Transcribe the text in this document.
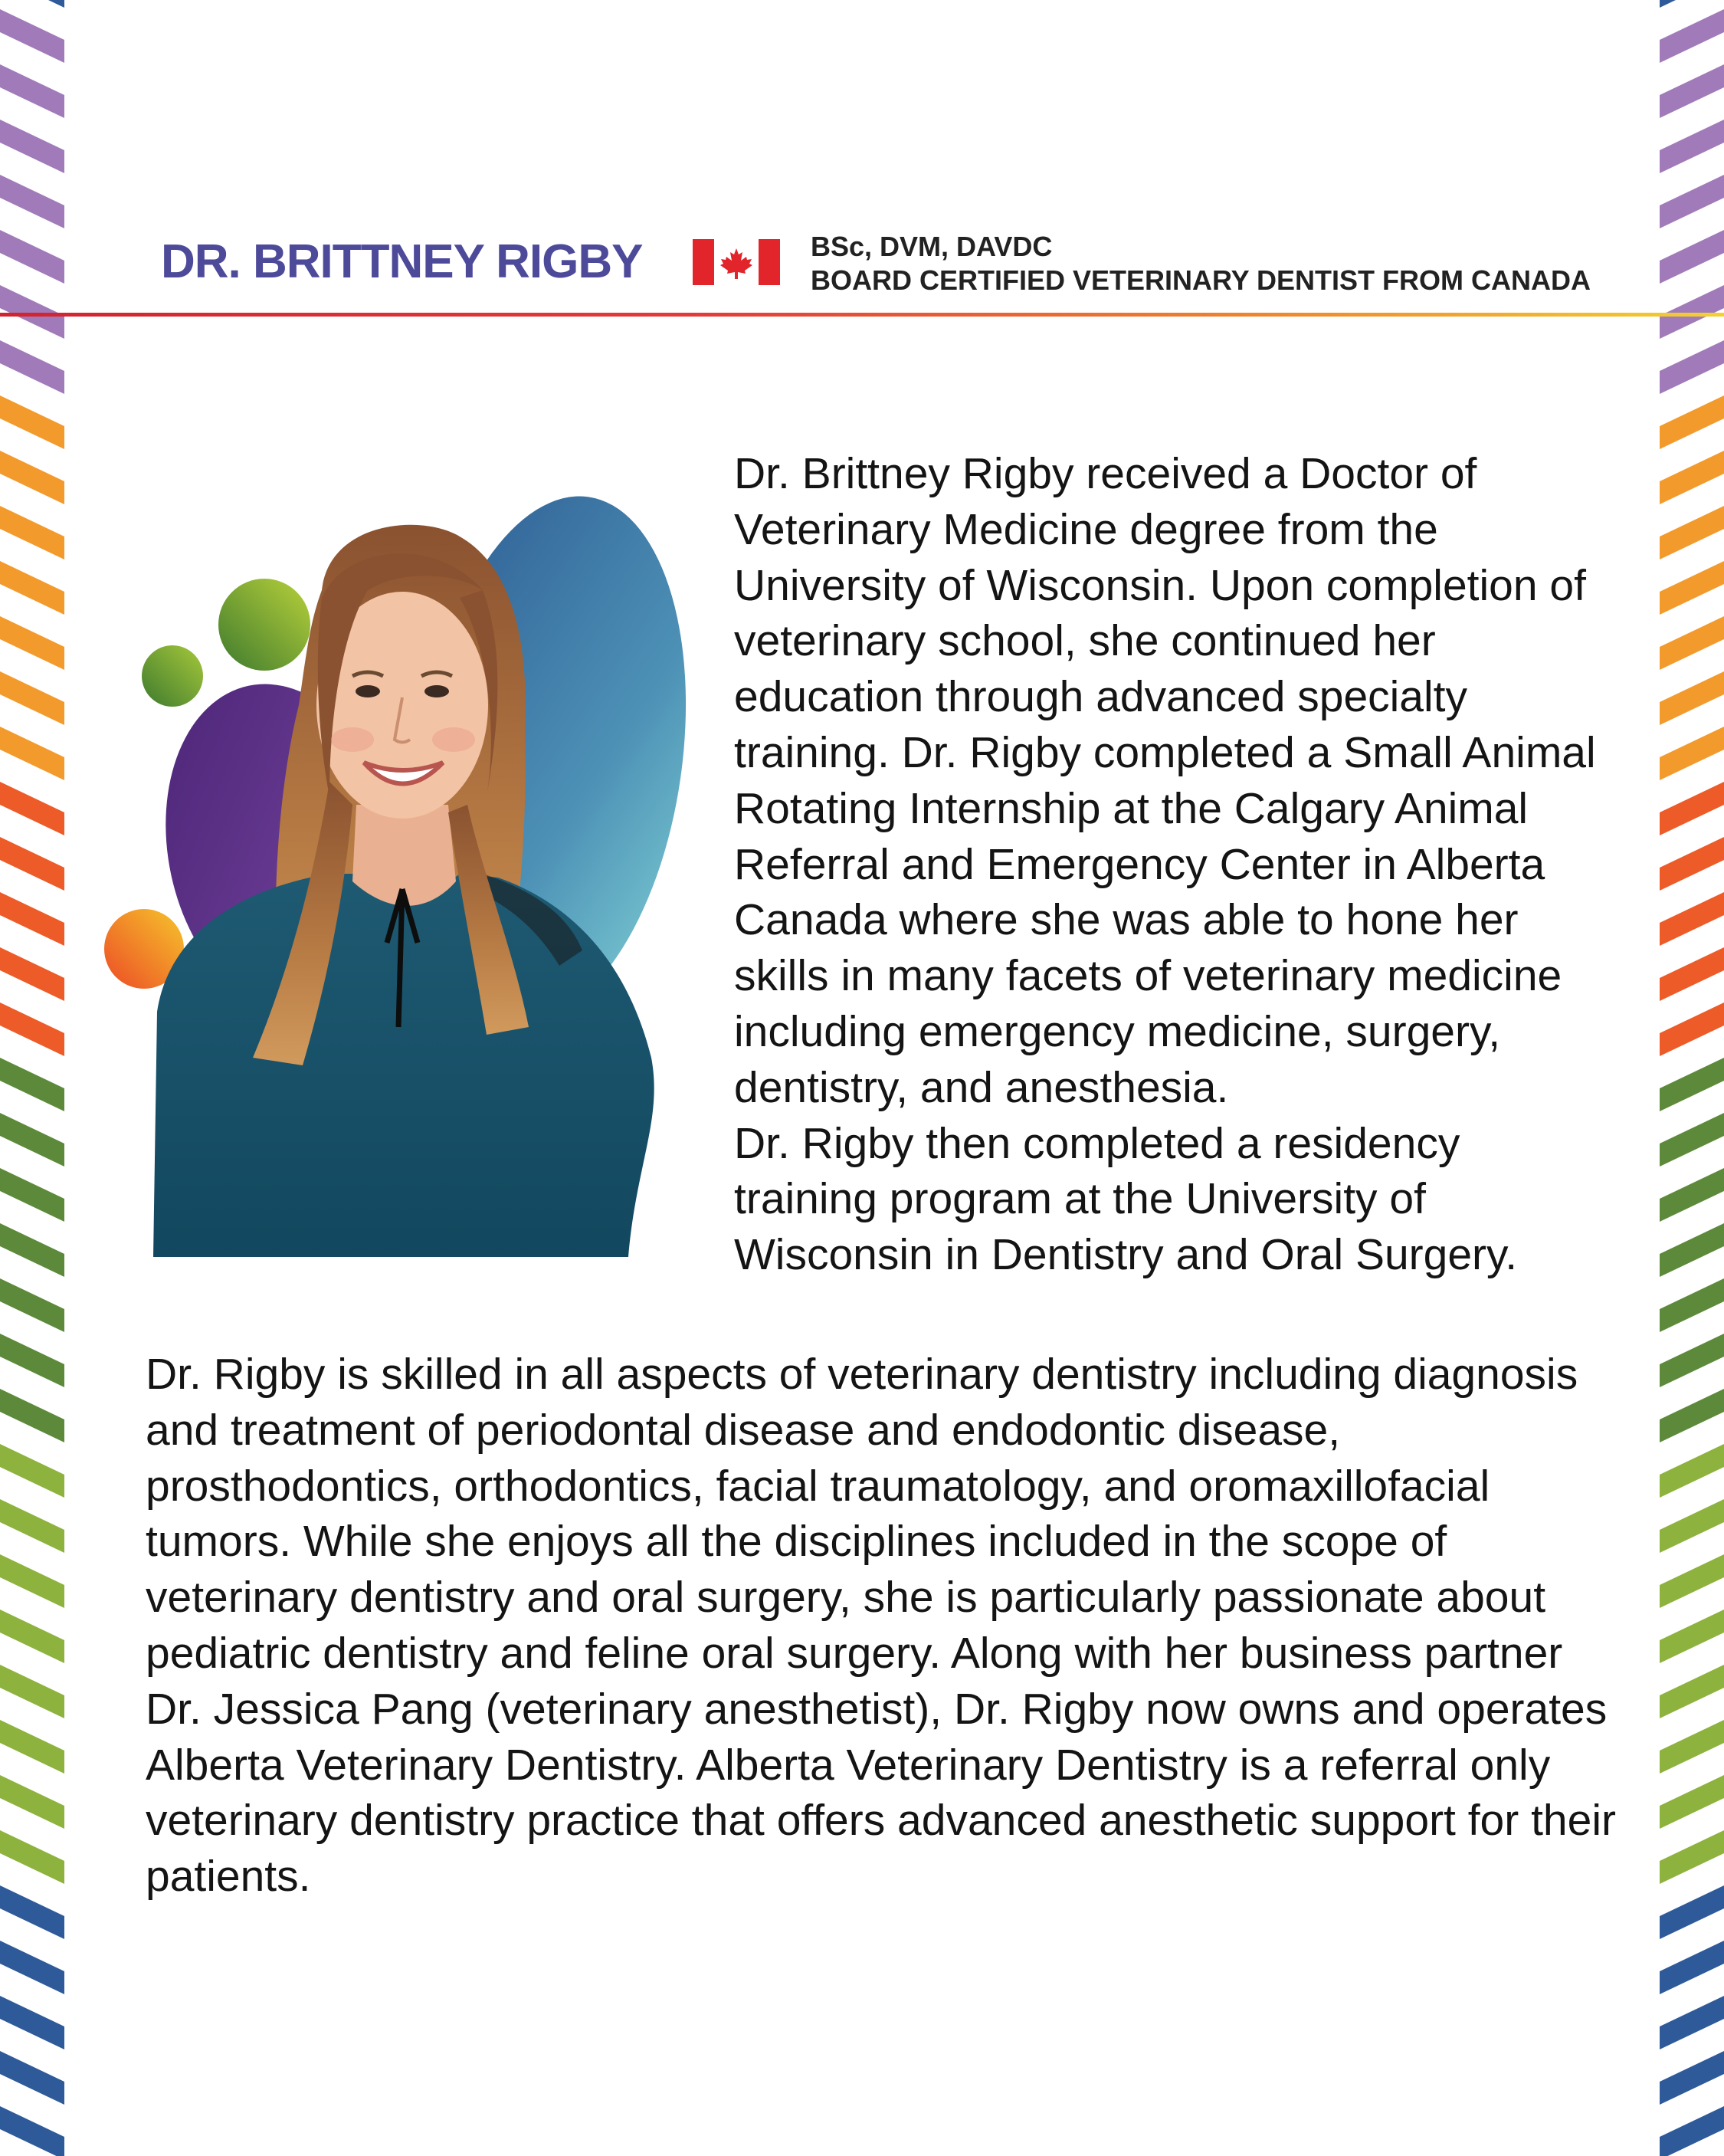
DR. BRITTNEY RIGBY	BSc, DVM, DAVDC
BOARD CERTIFIED VETERINARY DENTIST FROM CANADA

Dr. Brittney Rigby received a Doctor of Veterinary Medicine degree from the University of Wisconsin. Upon completion of veterinary school, she continued her education through advanced specialty training. Dr. Rigby completed a Small Animal Rotating Internship at the Calgary Animal Referral and Emergency Center in Alberta Canada where she was able to hone her skills in many facets of veterinary medicine including emergency medicine, surgery, dentistry, and anesthesia.

Dr. Rigby then completed a residency training program at the University of Wisconsin in Dentistry and Oral Surgery.

Dr. Rigby is skilled in all aspects of veterinary dentistry including diagnosis and treatment of periodontal disease and endodontic disease, prosthodontics, orthodontics, facial traumatology, and oromaxillofacial tumors. While she enjoys all the disciplines included in the scope of veterinary dentistry and oral surgery, she is particularly passionate about pediatric dentistry and feline oral surgery. Along with her business partner Dr. Jessica Pang (veterinary anesthetist), Dr. Rigby now owns and operates Alberta Veterinary Dentistry. Alberta Veterinary Dentistry is a referral only veterinary dentistry practice that offers advanced anesthetic support for their patients.
